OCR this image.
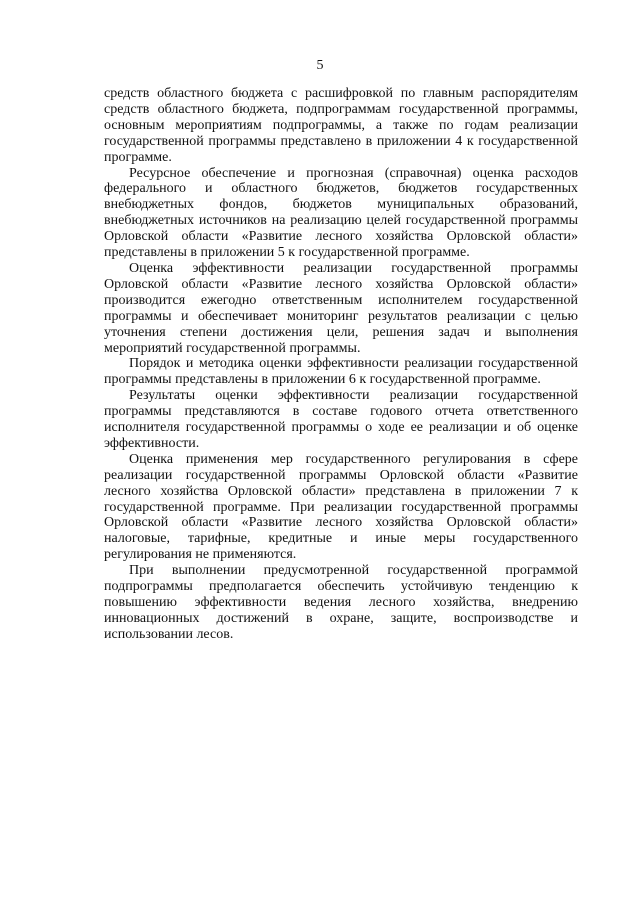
5

средств областного бюджета с расшифровкой по главным распорядителям средств областного бюджета, подпрограммам государственной программы, основным мероприятиям подпрограммы, а также по годам реализации государственной программы представлено в приложении 4 к государственной программе.

Ресурсное обеспечение и прогнозная (справочная) оценка расходов федерального и областного бюджетов, бюджетов государственных внебюджетных фондов, бюджетов муниципальных образований, внебюджетных источников на реализацию целей государственной программы Орловской области «Развитие лесного хозяйства Орловской области» представлены в приложении 5 к государственной программе.

Оценка эффективности реализации государственной программы Орловской области «Развитие лесного хозяйства Орловской области» производится ежегодно ответственным исполнителем государственной программы и обеспечивает мониторинг результатов реализации с целью уточнения степени достижения цели, решения задач и выполнения мероприятий государственной программы.

Порядок и методика оценки эффективности реализации государственной программы представлены в приложении 6 к государственной программе.

Результаты оценки эффективности реализации государственной программы представляются в составе годового отчета ответственного исполнителя государственной программы о ходе ее реализации и об оценке эффективности.

Оценка применения мер государственного регулирования в сфере реализации государственной программы Орловской области «Развитие лесного хозяйства Орловской области» представлена в приложении 7 к государственной программе. При реализации государственной программы Орловской области «Развитие лесного хозяйства Орловской области» налоговые, тарифные, кредитные и иные меры государственного регулирования не применяются.

При выполнении предусмотренной государственной программой подпрограммы предполагается обеспечить устойчивую тенденцию к повышению эффективности ведения лесного хозяйства, внедрению инновационных достижений в охране, защите, воспроизводстве и использовании лесов.
